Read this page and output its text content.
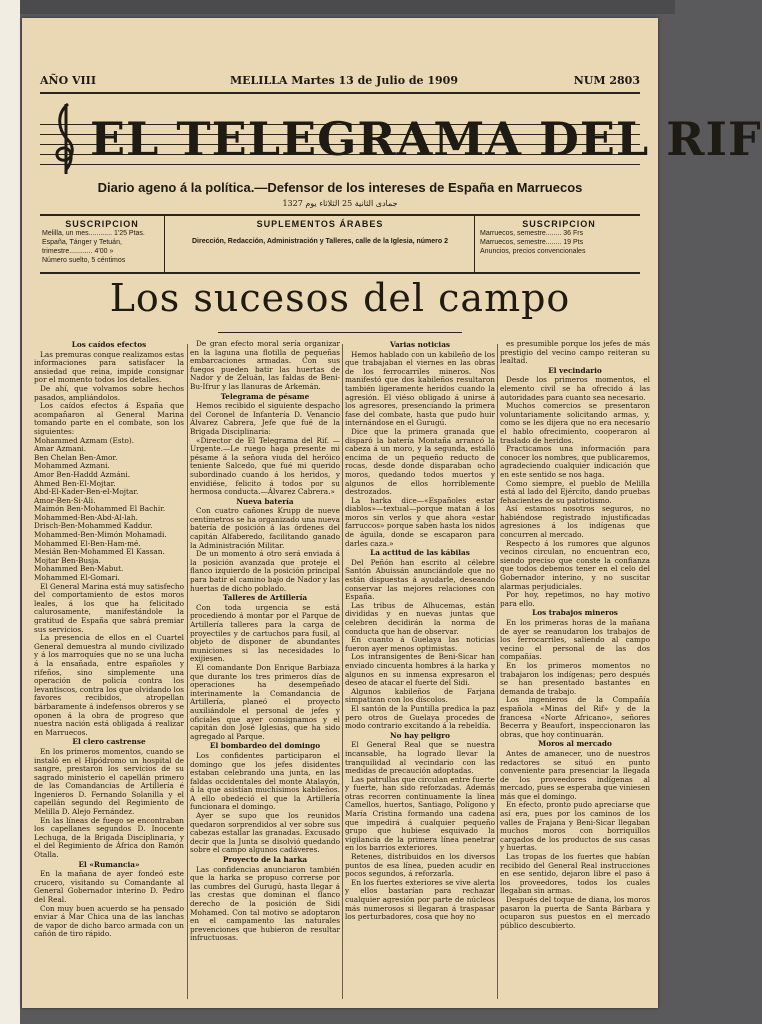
AÑO VIII	MELILLA Martes 13 de Julio de 1909	NUM 2803
EL TELEGRAMA DEL RIF
Diario ageno á la política.—Defensor de los intereses de España en Marruecos
1327 جمادى الثانية 25 الثلاثاء يوم
SUSCRIPCION
Melilla, un mes............ 1'25 Ptas.
España, Tánger y Tetuán, trimestre............ 4'00 »
Número suelto, 5 céntimos
SUPLEMENTOS ÁRABES
Dirección, Redacción, Administración y Talleres, calle de la Iglesia, número 2
SUSCRIPCION
Marruecos, semestre........ 36 Frs
Marruecos, semestre........ 19 Pts
Anuncios, precios convencionales
Los sucesos del campo
Los caídos efectos

Las premuras conque realizamos estas informaciones para satisfacer la ansiedad que reina, impide consignar por el momento todos los detalles.

De ahí, que volvamos sobre hechos pasados, ampliándolos.

Los caídos efectos á España que acompañaron al General Marina tomando parte en el combate, son los siguientes:

Mohammed Azmam (Esto).

Amar Azmani.

Ben Chelan Ben-Amor.

Mohammed Azmani.

Amor Ben-Haddd Azmáni.

Ahmed Ben-El-Mojtar.

Abd-El-Kader-Ben-el-Mojtar.

Amor-Ben-Si-Ali.

Maimón Ben-Mohammed El Bachir.

Mohammed-Ben-Abd-Al-lah.

Drisch-Ben-Mohammed Kaddur.

Mohammed-Ben-Mimón Mohamadi.

Mohammed El-Ben-Ham-mé.

Mesián Ben-Mohammed El Kassan.

Mojtar Ben-Busja.

Mohammed Ben-Mabut.

Mohammed El-Gomari.

El General Marina está muy satisfecho del comportamiento de estos moros leales, á los que ha felicitado calurosamente, manifestándole la gratitud de España que sabrá premiar sus servicios.

La presencia de ellos en el Cuartel General demuestra al mundo civilizado y á los marroquíes que no se una lucha á la ensañada, entre españoles y rifeños, sino simplemente una operación de policía contra los levantiscos, contra los que olvidando los favores recibidos, atropellan bárbaramente á indefensos obreros y se oponen á la obra de progreso que nuestra nación está obligada á realizar en Marruecos.

El clero castrense

En los primeros momentos, cuando se instaló en el Hipódromo un hospital de sangre, prestaron los servicios de su sagrado ministerio el capellán primero de las Comandancias de Artillería é Ingenieros D. Fernando Solanilla y el capellán segundo del Regimiento de Melilla D. Alejo Fernández.

En las líneas de fuego se encontraban los capellanes segundos D. Inocente Lechuga, de la Brigada Disciplinaria, y el del Regimiento de África don Ramón Otalla.

El «Rumancia»

En la mañana de ayer fondeó este crucero, visitando su Comandante al General Gobernador interino D. Pedro del Real.

Con muy buen acuerdo se ha pensado enviar á Mar Chica una de las lanchas de vapor de dicho barco armada con un cañón de tiro rápido.

De gran efecto moral sería organizar en la laguna una flotilla de pequeñas embarcaciones armadas. Con sus fuegos pueden batir las huertas de Nador y de Zeluán, las faldas de Beni-Bu-Ifrur y las llanuras de Arkemán.

Telegrama de pésame

Hemos recibido el siguiente despacho del Coronel de Infantería D. Venancio Álvarez Cabrera, Jefe que fué de la Brigada Disciplinaria:

«Director de El Telegrama del Rif. —Urgente.—Le ruego haga presente mi pésame á la señora viuda del heróico teniente Salcedo, que fué mi querido subordinado cuando á los heridos, y envidiése, felicito á todos por su hermosa conducta.—Álvarez Cabrera.»

Nueva batería

Con cuatro cañones Krupp de nueve centímetros se ha organizado una nueva batería de posición á las órdenes del capitán Alfaberedo, facilitando ganado la Administración Militar.

De un momento á otro será enviada á la posición avanzada que proteje el flanco izquierdo de la posición principal para batir el camino bajo de Nador y las huertas de dicho poblado.

Talleres de Artillería

Con toda urgencia se está procediendo á montar por el Parque de Artillería talleres para la carga de proyectiles y de cartuchos para fusil, al objeto de disponer de abundantes municiones si las necesidades lo exijiesen.

El comandante Don Enrique Barbiaza que durante los tres primeros días de operaciones ha desempeñado interinamente la Comandancia de Artillería, planeó el proyecto auxiliándole el personal de jefes y oficiales que ayer consignamos y el capitán don José Iglesias, que ha sido agregado al Parque.

El bombardeo del domingo

Los confidentes participaron el domingo que los jefes disidentes estaban celebrando una junta, en las faldas occidentales del monte Atalayón, á la que asistían muchísimos kabileños. A ello obedeció el que la Artillería funcionara el domingo.

Ayer se supo que los reunidos quedaron sorprendidos al ver sobre sus cabezas estallar las granadas. Excusado decir que la Junta se disolvió quedando sobre el campo algunos cadáveres.

Proyecto de la harka

Las confidencias anunciaron también que la harka se propuso correrse por las cumbres del Gurugú, hasta llegar á las crestas que dominan el flanco derecho de la posición de Sidi Mohamed. Con tal motivo se adoptaron en el campamento las naturales prevenciones que hubieron de resultar infructuosas.

Varias noticias

Hemos hablado con un kabileño de los que trabajaban el viernes en las obras de los ferrocarriles mineros. Nos manifestó que dos kabileños resultaron también ligeramente heridos cuando la agresión. El viéso obligado á unirse á los agresores, presenciando la primera fase del combate, hasta que pudo huir internándose en el Gurugú.

Dice que la primera granada que disparó la batería Montaña arrancó la cabeza á un moro, y la segunda, estalló encima de un pequeño reducto de rocas, desde donde disparaban ocho moros, quedando todos muertos y algunos de ellos horriblemente destrozados.

La harka dice—«Españoles estar diablos»—textual—porque matan á los moros sin verlos y que ahora «estar farruccos» porque saben hasta los nidos de águila, donde se escaparon para darles caza.»

La actitud de las kábilas

Del Peñón han escrito al célebre Santón Abuissán anunciándole que no están dispuestas á ayudarle, deseando conservar las mejores relaciones con España.

Las tribus de Alhucemas, están divididas y en nuevas juntas que celebren decidirán la norma de conducta que han de observar.

En cuanto á Guelaya las noticias fueron ayer menos optimistas.

Los intransigentes de Beni-Sicar han enviado cincuenta hombres á la harka y algunos en su inmensa expresaron el deseo de atacar el fuerte del Sidi.

Algunos kabileños de Farjana simpatizan con los díscolos.

El santón de la Puntilla predica la paz pero otros de Guelaya procedes de modo contrario excitando á la rebeldía.

No hay peligro

El General Real que se nuestra incansable, ha logrado llevar la tranquilidad al vecindario con las medidas de precaución adoptadas.

Las patrullas que circulan entre fuerte y fuerte, han sido reforzadas. Además otras recorren continuamente la línea Camellos, huertos, Santiago, Polígono y María Cristina formando una cadena que impedirá á cualquier pequeño grupo que hubiese esquivado la vigilancia de la primera línea penetrar en los barrios exteriores.

Retenes, distribuidos en los diversos puntos de esa línea, pueden acudir en pocos segundos, á reforzarla.

En los fuertes exteriores se vive alerta y ellos bastarían para rechazar cualquier agresión por parte de núcleos más numerosos si llegaran á traspasar los perturbadores, cosa que hoy no

es presumible porque los jefes de más prestigio del vecino campo reiteran su lealtad.

El vecindario

Desde los primeros momentos, el elemento civil se ha ofrecido á las autoridades para cuanto sea necesario.

Muchos comercios se presentaron voluntariamente solicitando armas, y, como se les dijera que no era necesario el hablo ofrecimiento, cooperaron al traslado de heridos.

Practicamos una información para conocer los nombres, que publicaremos, agradeciendo cualquier indicación que en este sentido se nos haga.

Como siempre, el pueblo de Melilla está al lado del Ejército, dando pruebas fehacientes de su patriotismo.

Así estamos nosotros seguros, no habiéndose registrado injustificadas agresiones á los indígenas que concurren al mercado.

Respecto á los rumores que algunos vecinos circulan, no encuentran eco, siendo preciso que conste la confianza que todos debemos tener en el celo del Gobernador interino, y no suscitar alarmas perjudiciales.

Por hoy, repetimos, no hay motivo para ello.

Los trabajos mineros

En los primeras horas de la mañana de ayer se reanudaron los trabajos de los ferrocarriles, saliendo al campo vecino el personal de las dos compañías.

En los primeros momentos no trabajaron los indígenas; pero después se han presentado bastantes en demanda de trabajo.

Los ingenieros de la Compañía española «Minas del Rif» y de la francesa «Norte Africano», señores Becerra y Beaufort, inspeccionaron las obras, que hoy continuarán.

Moros al mercado

Antes de amanecer, uno de nuestros redactores se situó en punto conveniente para presenciar la llegada de los proveedores indígenas al mercado, pues se esperaba que viniesen más que el domingo.

En efecto, pronto pudo apreciarse que así era, pues por los caminos de los valles de Frajana y Beni-Sicar llegaban muchos moros con borriquillos cargados de los productos de sus casas y huertas.

Las tropas de los fuertes que habían recibido del General Real instrucciones en ese sentido, dejaron libre el paso á los proveedores, todos los cuales llegaban sin armas.

Después del toque de diana, los moros pasaron la puerta de Santa Bárbara y ocuparon sus puestos en el mercado público descubierto.
